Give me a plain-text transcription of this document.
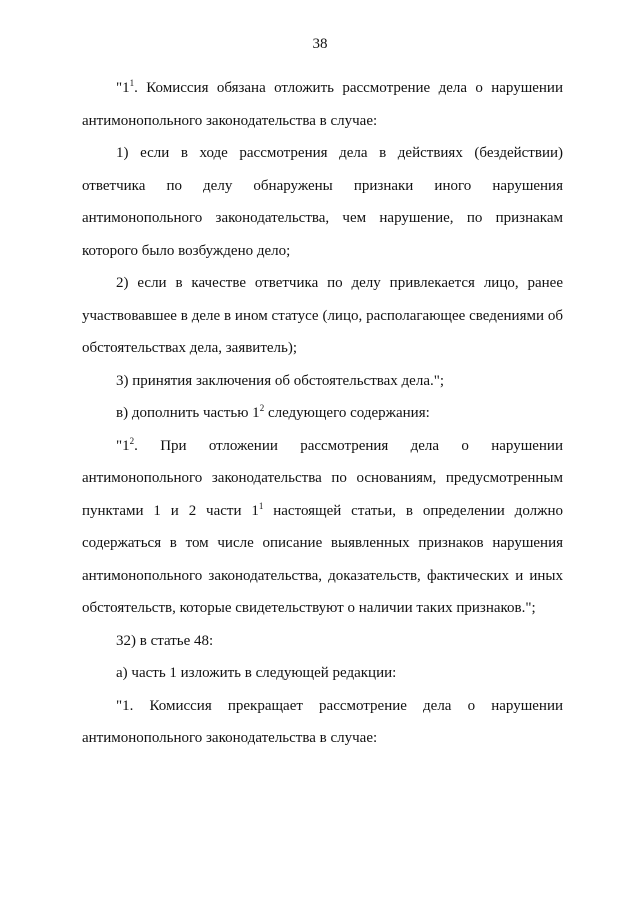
38

"$1^1$. Комиссия обязана отложить рассмотрение дела о нарушении антимонопольного законодательства в случае:

1) если в ходе рассмотрения дела в действиях (бездействии) ответчика по делу обнаружены признаки иного нарушения антимонопольного законодательства, чем нарушение, по признакам которого было возбуждено дело;

2) если в качестве ответчика по делу привлекается лицо, ранее участвовавшее в деле в ином статусе (лицо, располагающее сведениями об обстоятельствах дела, заявитель);

3) принятия заключения об обстоятельствах дела.";

в) дополнить частью $1^2$ следующего содержания:

"$1^2$. При отложении рассмотрения дела о нарушении антимонопольного законодательства по основаниям, предусмотренным пунктами 1 и 2 части $1^1$ настоящей статьи, в определении должно содержаться в том числе описание выявленных признаков нарушения антимонопольного законодательства, доказательств, фактических и иных обстоятельств, которые свидетельствуют о наличии таких признаков.";

32) в статье 48:

а) часть 1 изложить в следующей редакции:

"1. Комиссия прекращает рассмотрение дела о нарушении антимонопольного законодательства в случае:
